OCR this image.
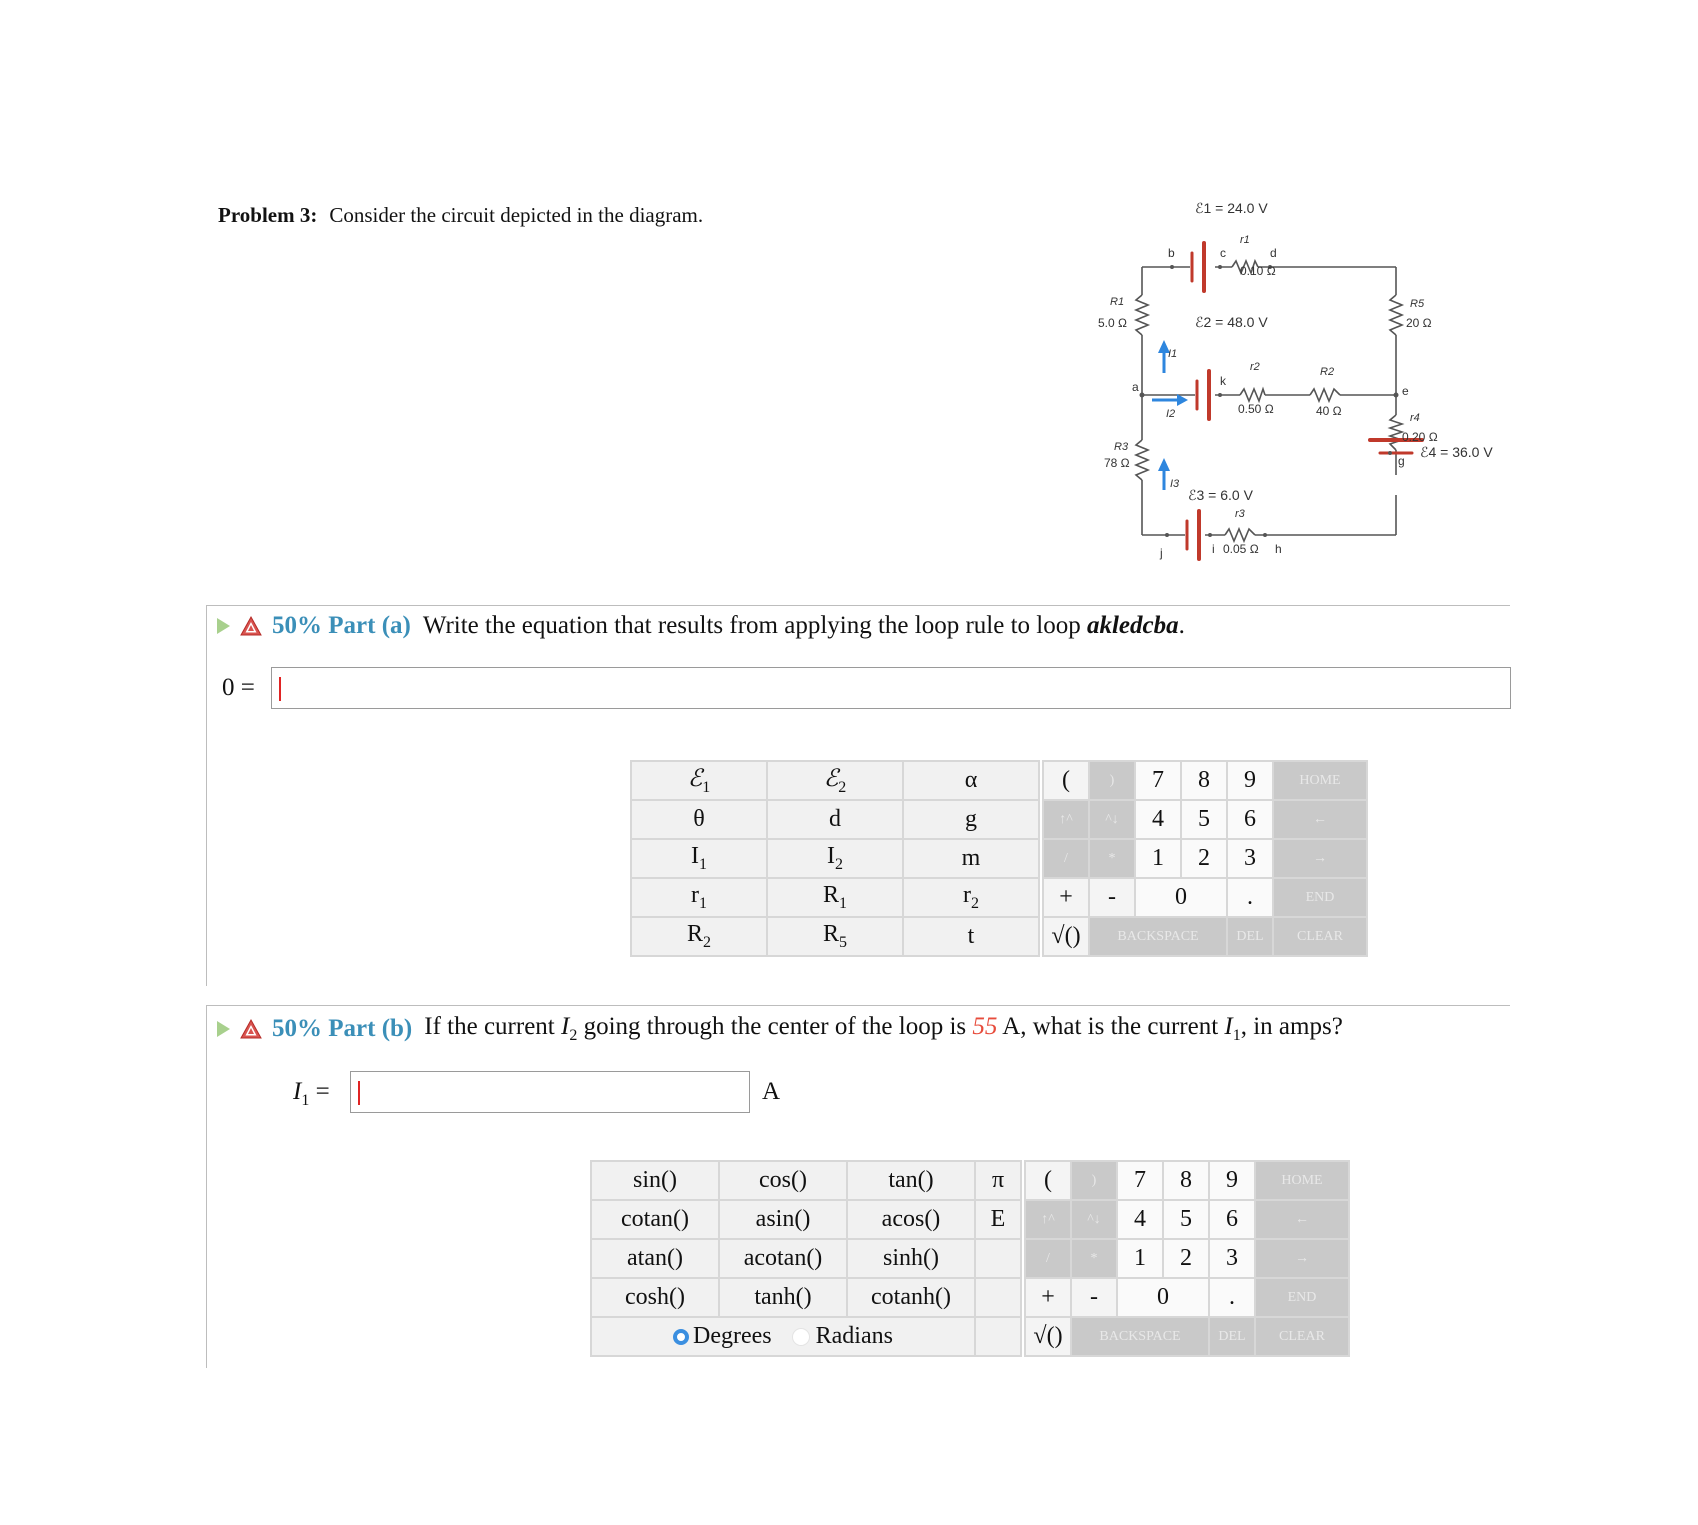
Problem 3: Consider the circuit depicted in the diagram.	ℰ1 = 24.0 V
0.10 Ω
r1
b	c	d
R1
5.0 Ω	ℰ2 = 48.0 V
I1
a
I2
k
r2
0.50 Ω
R2
40 Ω
e
R5
20 Ω
r4
0.20 Ω
g
ℰ4 = 36.0 V
R3
78 Ω
I3
ℰ3 = 6.0 V
r3
i 0.05 Ω h
j
50% Part (a) Write the equation that results from applying the loop rule to loop akledcba.
0 =
ℰ$_1$	ℰ$_2$	α
θ	d	g
$I_1$	$I_2$	m
$r_1$	$R_1$	$r_2$
$R_2$	$R_5$	t
(	)	7	8	9	HOME
↑^	^↓	4	5	6	←
/	*	1	2	3	→
+	-	0		.	END
√()	BACKSPACE			DEL	CLEAR
50% Part (b) If the current $I_2$ going through the center of the loop is 55 A, what is the current $I_1$, in amps?
$I_1$ =	A
sin()	cos()	tan()	π
cotan()	asin()	acos()	E
atan()	acotan()	sinh()	
cosh()	tanh()	cotanh()	
Degrees Radians			
(	)	7	8	9	HOME
↑^	^↓	4	5	6	←
/	*	1	2	3	→
+	-	0		.	END
√()	BACKSPACE			DEL	CLEAR
